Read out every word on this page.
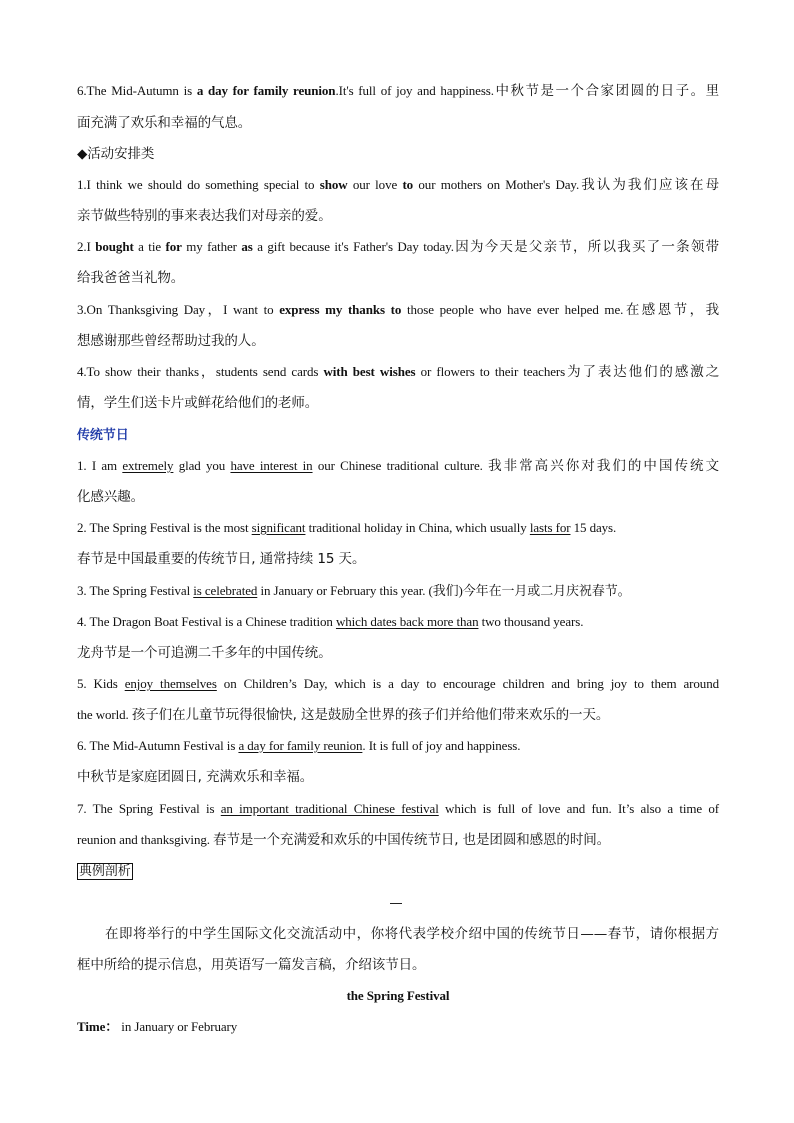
6.The Mid-Autumn is a day for family reunion.It's full of joy and happiness.中秋节是一个合家团圆的日子。里
面充满了欢乐和幸福的气息。
◆活动安排类
1.I think we should do something special to show our love to our mothers on Mother's Day.我认为我们应该在母
亲节做些特别的事来表达我们对母亲的爱。
2.I bought a tie for my father as a gift because it's Father's Day today.因为今天是父亲节，所以我买了一条领带
给我爸爸当礼物。
3.On Thanksgiving Day，I want to express my thanks to those people who have ever helped me.在感恩节，我
想感谢那些曾经帮助过我的人。
4.To show their thanks，students send cards with best wishes or flowers to their teachers为了表达他们的感激之
情，学生们送卡片或鲜花给他们的老师。
传统节日
1. I am extremely glad you have interest in our Chinese traditional culture. 我非常高兴你对我们的中国传统文
化感兴趣。
2. The Spring Festival is the most significant traditional holiday in China, which usually lasts for 15 days.
春节是中国最重要的传统节日, 通常持续 15 天。
3. The Spring Festival is celebrated in January or February this year. (我们)今年在一月或二月庆祝春节。
4. The Dragon Boat Festival is a Chinese tradition which dates back more than two thousand years.
龙舟节是一个可追溯二千多年的中国传统。
5. Kids enjoy themselves on Children’s Day, which is a day to encourage children and bring joy to them around
the world. 孩子们在儿童节玩得很愉快, 这是鼓励全世界的孩子们并给他们带来欢乐的一天。
6. The Mid-Autumn Festival is a day for family reunion. It is full of joy and happiness.
中秋节是家庭团圆日, 充满欢乐和幸福。
7. The Spring Festival is an important traditional Chinese festival which is full of love and fun. It’s also a time of
reunion and thanksgiving. 春节是一个充满爱和欢乐的中国传统节日, 也是团圆和感恩的时间。
典例剖析
在即将举行的中学生国际文化交流活动中，你将代表学校介绍中国的传统节日——春节，请你根据方
框中所给的提示信息，用英语写一篇发言稿，介绍该节日。
the Spring Festival
Time： in January or February
